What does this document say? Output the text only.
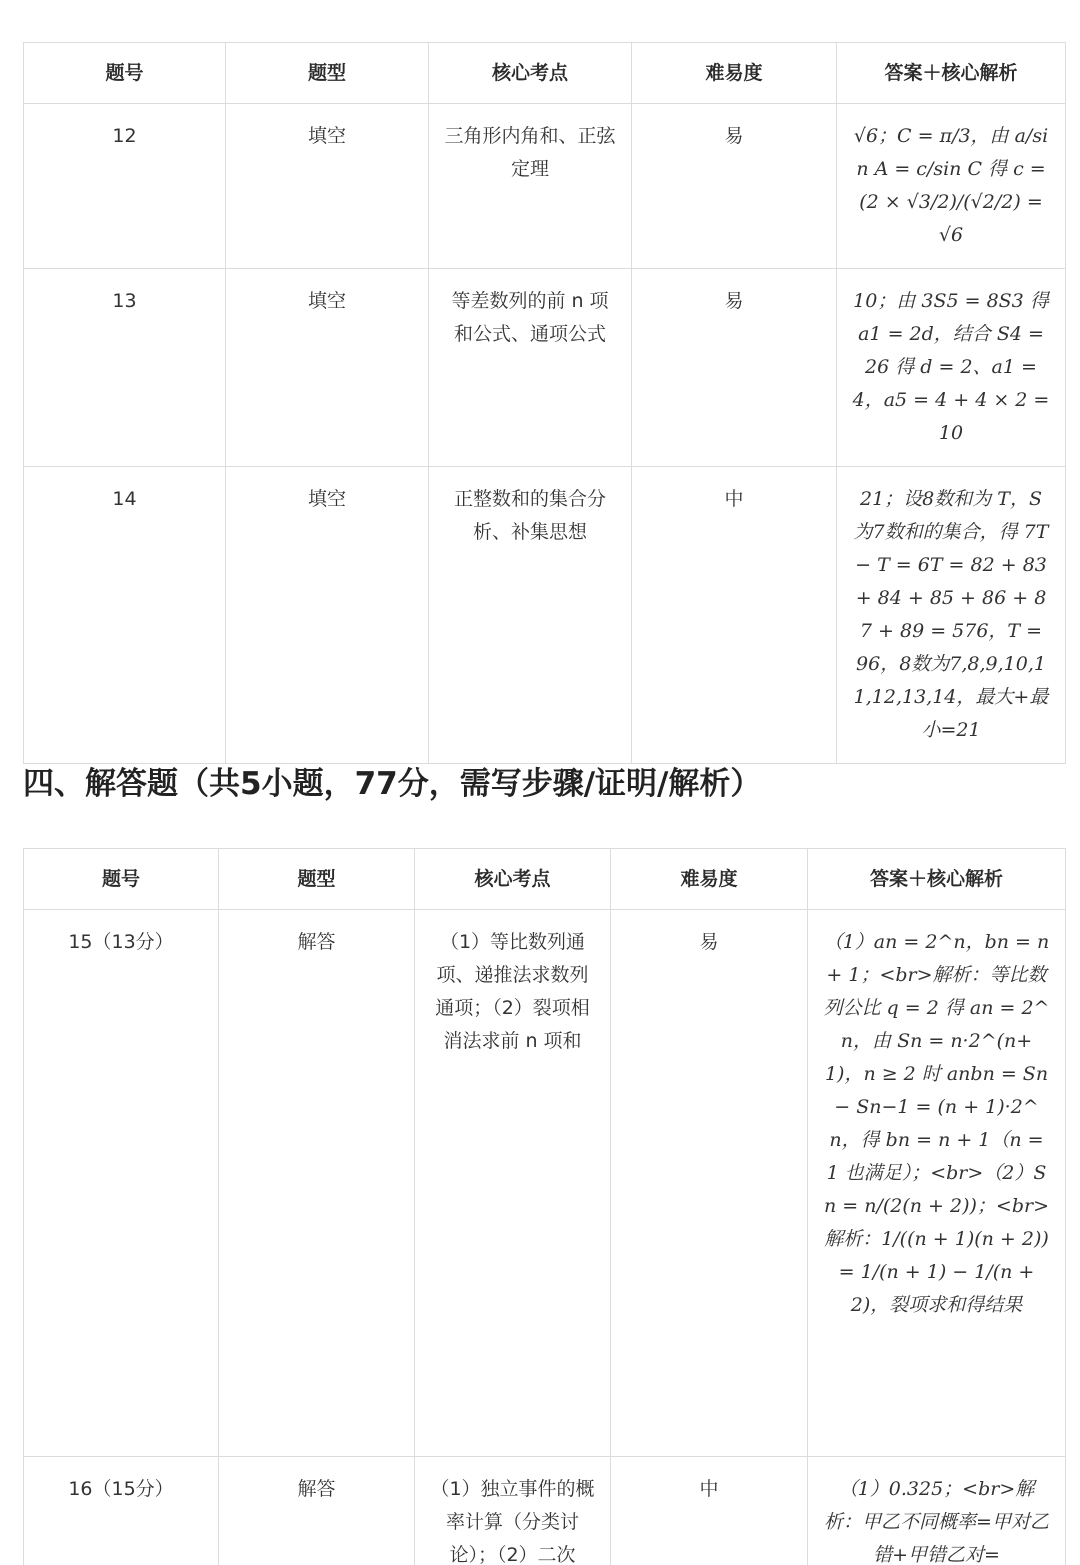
题号	题型	核心考点	难易度	答案＋核心解析
12	填空	三角形内角和、正弦定理	易	√6；C = π/3，由 a/sin A = c/sin C 得 c = (2 × √3/2)/(√2/2) = √6
13	填空	等差数列的前 n 项和公式、通项公式	易	10；由 3S5 = 8S3 得 a1 = 2d，结合 S4 = 26 得 d = 2、a1 = 4，a5 = 4 + 4 × 2 = 10
14	填空	正整数和的集合分析、补集思想	中	21；设8数和为 T，S 为7数和的集合，得 7T − T = 6T = 82 + 83 + 84 + 85 + 86 + 87 + 89 = 576，T = 96，8数为7,8,9,10,11,12,13,14，最大+最小=21
四、解答题（共5小题，77分，需写步骤/证明/解析）
题号	题型	核心考点	难易度	答案＋核心解析
15（13分）	解答	（1）等比数列通项、递推法求数列通项；（2）裂项相消法求前 n 项和	易	（1）an = 2^n，bn = n + 1；<br>解析：等比数列公比 q = 2 得 an = 2^n，由 Sn = n·2^(n+1)，n ≥ 2 时 anbn = Sn − Sn−1 = (n + 1)·2^n，得 bn = n + 1（n = 1 也满足）；<br>（2）Sn = n/(2(n + 2))；<br>解析：1/((n + 1)(n + 2)) = 1/(n + 1) − 1/(n + 2)，裂项求和得结果
16（15分）	解答	（1）独立事件的概率计算（分类讨论）；（2）二次	中	（1）0.325；<br>解析：甲乙不同概率=甲对乙错+甲错乙对=
